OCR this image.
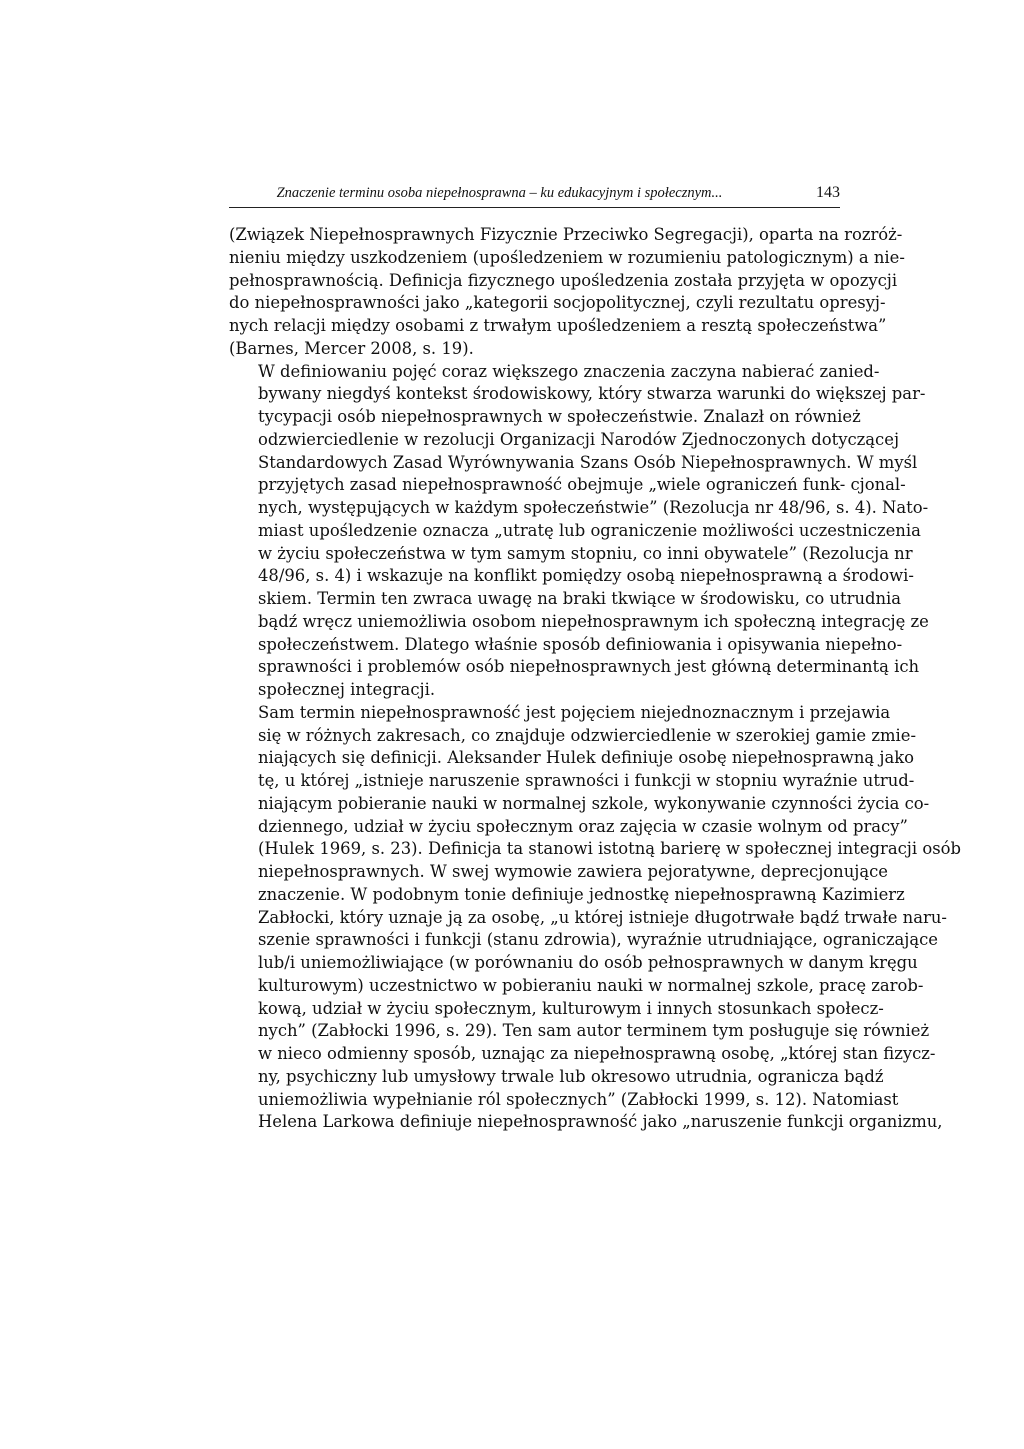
Znaczenie terminu osoba niepełnosprawna – ku edukacyjnym i społecznym...	143

(Związek Niepełnosprawnych Fizycznie Przeciwko Segregacji), oparta na rozróż-
nieniu między uszkodzeniem (upośledzeniem w rozumieniu patologicznym) a nie-
pełnosprawnością. Definicja fizycznego upośledzenia została przyjęta w opozycji
do niepełnosprawności jako „kategorii socjopolitycznej, czyli rezultatu opresyj-
nych relacji między osobami z trwałym upośledzeniem a resztą społeczeństwa”
(Barnes, Mercer 2008, s. 19).

W definiowaniu pojęć coraz większego znaczenia zaczyna nabierać zanied-
bywany niegdyś kontekst środowiskowy, który stwarza warunki do większej par-
tycypacji osób niepełnosprawnych w społeczeństwie. Znalazł on również
odzwierciedlenie w rezolucji Organizacji Narodów Zjednoczonych dotyczącej
Standardowych Zasad Wyrównywania Szans Osób Niepełnosprawnych. W myśl
przyjętych zasad niepełnosprawność obejmuje „wiele ograniczeń funk- cjonal-
nych, występujących w każdym społeczeństwie” (Rezolucja nr 48/96, s. 4). Nato-
miast upośledzenie oznacza „utratę lub ograniczenie możliwości uczestniczenia
w życiu społeczeństwa w tym samym stopniu, co inni obywatele” (Rezolucja nr
48/96, s. 4) i wskazuje na konflikt pomiędzy osobą niepełnosprawną a środowi-
skiem. Termin ten zwraca uwagę na braki tkwiące w środowisku, co utrudnia
bądź wręcz uniemożliwia osobom niepełnosprawnym ich społeczną integrację ze
społeczeństwem. Dlatego właśnie sposób definiowania i opisywania niepełno-
sprawności i problemów osób niepełnosprawnych jest główną determinantą ich
społecznej integracji.

Sam termin niepełnosprawność jest pojęciem niejednoznacznym i przejawia
się w różnych zakresach, co znajduje odzwierciedlenie w szerokiej gamie zmie-
niających się definicji. Aleksander Hulek definiuje osobę niepełnosprawną jako
tę, u której „istnieje naruszenie sprawności i funkcji w stopniu wyraźnie utrud-
niającym pobieranie nauki w normalnej szkole, wykonywanie czynności życia co-
dziennego, udział w życiu społecznym oraz zajęcia w czasie wolnym od pracy”
(Hulek 1969, s. 23). Definicja ta stanowi istotną barierę w społecznej integracji osób
niepełnosprawnych. W swej wymowie zawiera pejoratywne, deprecjonujące
znaczenie. W podobnym tonie definiuje jednostkę niepełnosprawną Kazimierz
Zabłocki, który uznaje ją za osobę, „u której istnieje długotrwałe bądź trwałe naru-
szenie sprawności i funkcji (stanu zdrowia), wyraźnie utrudniające, ograniczające
lub/i uniemożliwiające (w porównaniu do osób pełnosprawnych w danym kręgu
kulturowym) uczestnictwo w pobieraniu nauki w normalnej szkole, pracę zarob-
kową, udział w życiu społecznym, kulturowym i innych stosunkach społecz-
nych” (Zabłocki 1996, s. 29). Ten sam autor terminem tym posługuje się również
w nieco odmienny sposób, uznając za niepełnosprawną osobę, „której stan fizycz-
ny, psychiczny lub umysłowy trwale lub okresowo utrudnia, ogranicza bądź
uniemożliwia wypełnianie ról społecznych” (Zabłocki 1999, s. 12). Natomiast
Helena Larkowa definiuje niepełnosprawność jako „naruszenie funkcji organizmu,
